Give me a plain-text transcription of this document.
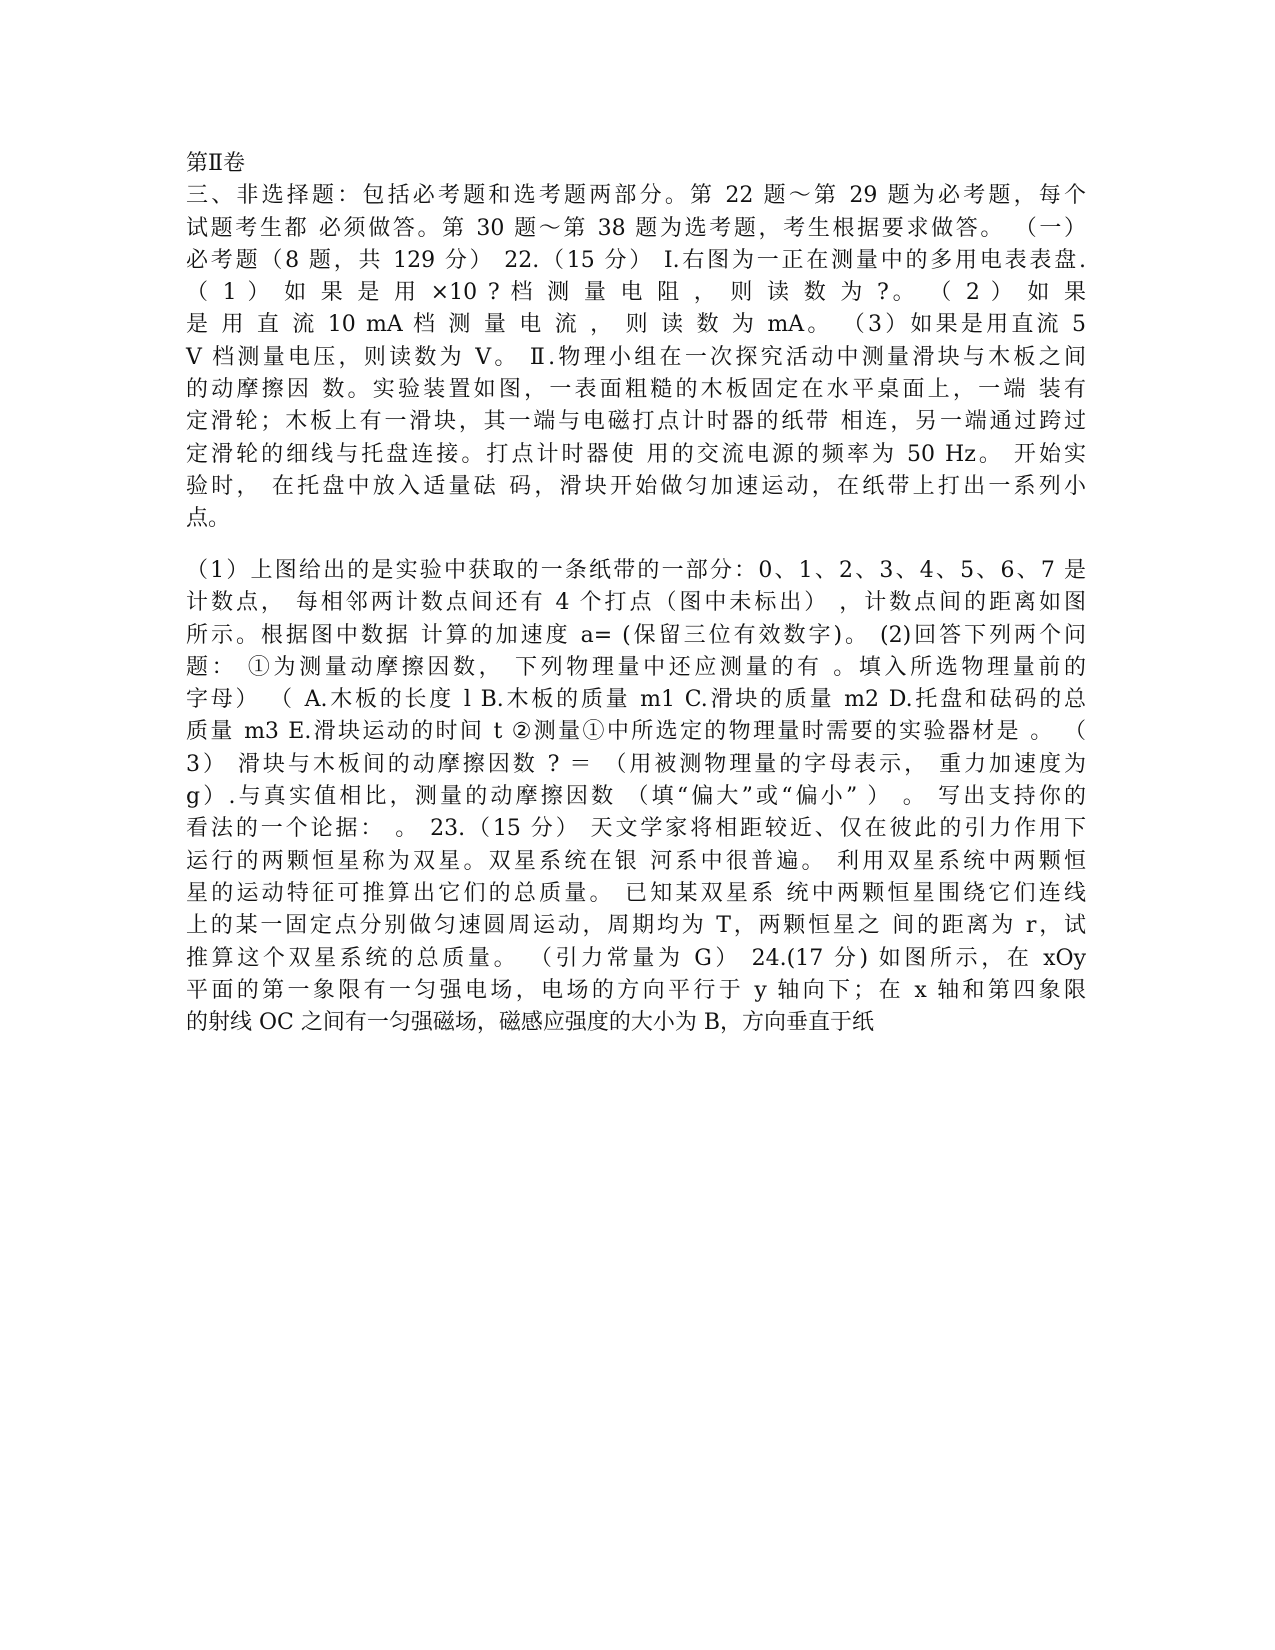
第Ⅱ卷
三、非选择题：包括必考题和选考题两部分。第 22 题～第 29 题为必考题，每个
试题考生都 必须做答。第 30 题～第 38 题为选考题，考生根据要求做答。 （一）
必考题（8 题，共 129 分） 22.（15 分） I.右图为一正在测量中的多用电表表盘.
（ 1 ） 如 果 是 用 ×10 ? 档 测 量 电 阻 ， 则 读 数 为 ?。 （ 2 ） 如 果
是 用 直 流 10 mA 档 测 量 电 流 ， 则 读 数 为 mA。 （3）如果是用直流 5
V 档测量电压，则读数为 V。 Ⅱ.物理小组在一次探究活动中测量滑块与木板之间
的动摩擦因 数。实验装置如图，一表面粗糙的木板固定在水平桌面上，一端 装有
定滑轮；木板上有一滑块，其一端与电磁打点计时器的纸带 相连，另一端通过跨过
定滑轮的细线与托盘连接。打点计时器使 用的交流电源的频率为 50 Hz。 开始实
验时， 在托盘中放入适量砝 码，滑块开始做匀加速运动，在纸带上打出一系列小
点。
（1）上图给出的是实验中获取的一条纸带的一部分：0、1、2、3、4、5、6、7 是
计数点， 每相邻两计数点间还有 4 个打点（图中未标出） ，计数点间的距离如图
所示。根据图中数据 计算的加速度 a= (保留三位有效数字)。 (2)回答下列两个问
题： ①为测量动摩擦因数， 下列物理量中还应测量的有 。填入所选物理量前的
字母） （ A.木板的长度 l B.木板的质量 m1 C.滑块的质量 m2 D.托盘和砝码的总
质量 m3 E.滑块运动的时间 t ②测量①中所选定的物理量时需要的实验器材是 。 （
3） 滑块与木板间的动摩擦因数 ? ＝ （用被测物理量的字母表示， 重力加速度为
g）.与真实值相比，测量的动摩擦因数 （填“偏大”或“偏小” ） 。 写出支持你的
看法的一个论据： 。 23.（15 分） 天文学家将相距较近、仅在彼此的引力作用下
运行的两颗恒星称为双星。双星系统在银 河系中很普遍。 利用双星系统中两颗恒
星的运动特征可推算出它们的总质量。 已知某双星系 统中两颗恒星围绕它们连线
上的某一固定点分别做匀速圆周运动，周期均为 T，两颗恒星之 间的距离为 r，试
推算这个双星系统的总质量。 （引力常量为 G） 24.(17 分) 如图所示，在 xOy
平面的第一象限有一匀强电场，电场的方向平行于 y 轴向下；在 x 轴和第四象限
的射线 OC 之间有一匀强磁场，磁感应强度的大小为 B，方向垂直于纸
